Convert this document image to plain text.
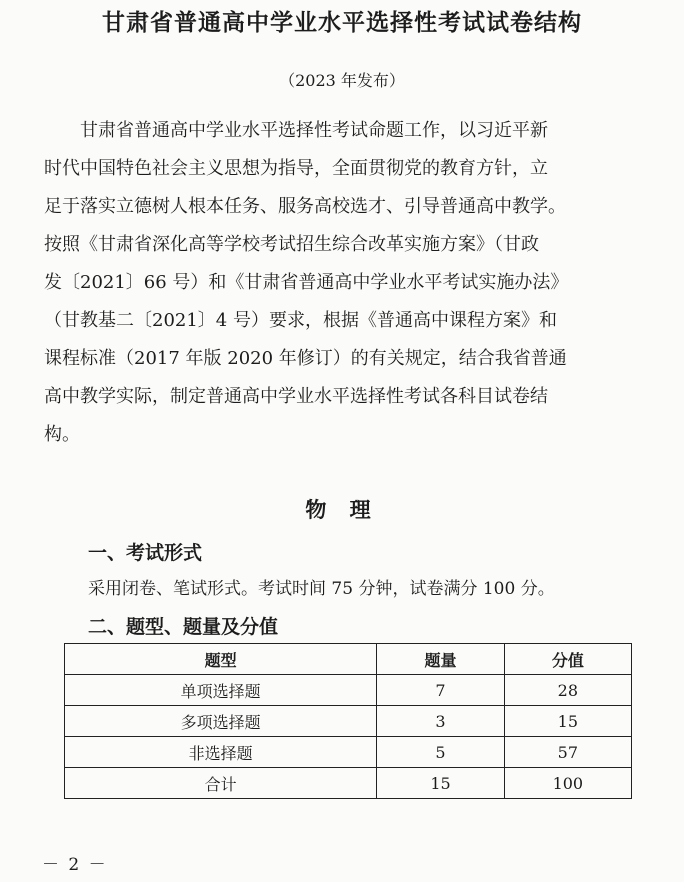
甘肃省普通高中学业水平选择性考试试卷结构
（2023 年发布）
甘肃省普通高中学业水平选择性考试命题工作，以习近平新
时代中国特色社会主义思想为指导，全面贯彻党的教育方针，立
足于落实立德树人根本任务、服务高校选才、引导普通高中教学。
按照《甘肃省深化高等学校考试招生综合改革实施方案》（甘政
发〔2021〕66 号）和《甘肃省普通高中学业水平考试实施办法》
（甘教基二〔2021〕4 号）要求，根据《普通高中课程方案》和
课程标准（2017 年版 2020 年修订）的有关规定，结合我省普通
高中教学实际，制定普通高中学业水平选择性考试各科目试卷结
构。
物 理
一、考试形式
采用闭卷、笔试形式。考试时间 75 分钟，试卷满分 100 分。
二、题型、题量及分值
题型	题量	分值
单项选择题	7	28
多项选择题	3	15
非选择题	5	57
合计	15	100
－ 2 －
